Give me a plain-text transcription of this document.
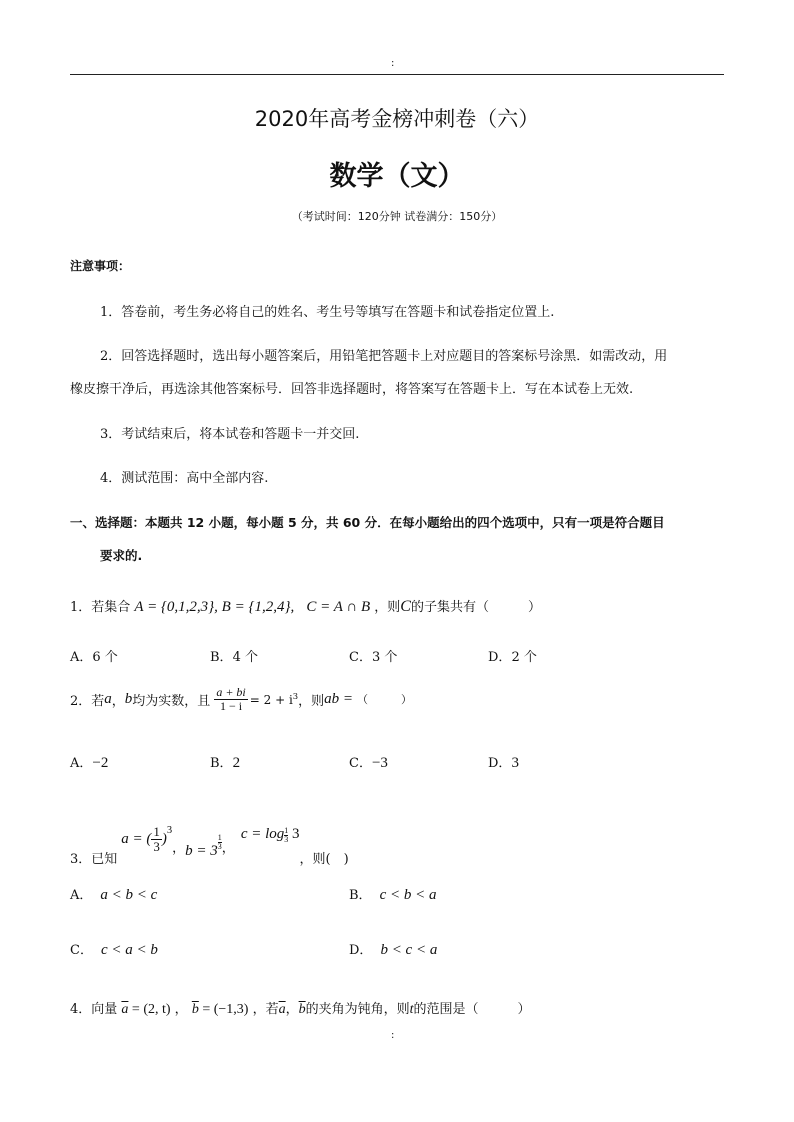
:
2020年高考金榜冲刺卷（六）
数学（文）
（考试时间：120分钟 试卷满分：150分）
注意事项：
1．答卷前，考生务必将自己的姓名、考生号等填写在答题卡和试卷指定位置上.
2．回答选择题时，选出每小题答案后，用铅笔把答题卡上对应题目的答案标号涂黑．如需改动，用
橡皮擦干净后，再选涂其他答案标号．回答非选择题时，将答案写在答题卡上．写在本试卷上无效.
3．考试结束后，将本试卷和答题卡一并交回.
4．测试范围：高中全部内容.
一、选择题：本题共 12 小题，每小题 5 分，共 60 分．在每小题给出的四个选项中，只有一项是符合题目
要求的.
1．若集合 A = {0,1,2,3}, B = {1,2,4}, C = A ∩ B ，则C的子集共有（　　　）
A．6 个	B．4 个	C．3 个	D．2 个
2．若 a ， b 均为实数，且 $\frac{a + bi}{1 - i} = 2 + i^3$ ，则 ab = （　　　）
A．−2	B．2	C．−3	D．3
3．已知
a = ( $\frac{1}{3}$ )
$^3$
， $b = 3 \frac{1}{3}$ ，
$c = \log \frac{1}{3} 3$
，则(　)
A． a < b < c	B． c < b < a
C． c < a < b	D． b < c < a
4．向量 $\overline{a} = (2$, t) ， $\overline{b} = (-1,3)$ ，若$\overline{a}$，$\overline{b}$的夹角为钝角，则t的范围是（　　　）
:
